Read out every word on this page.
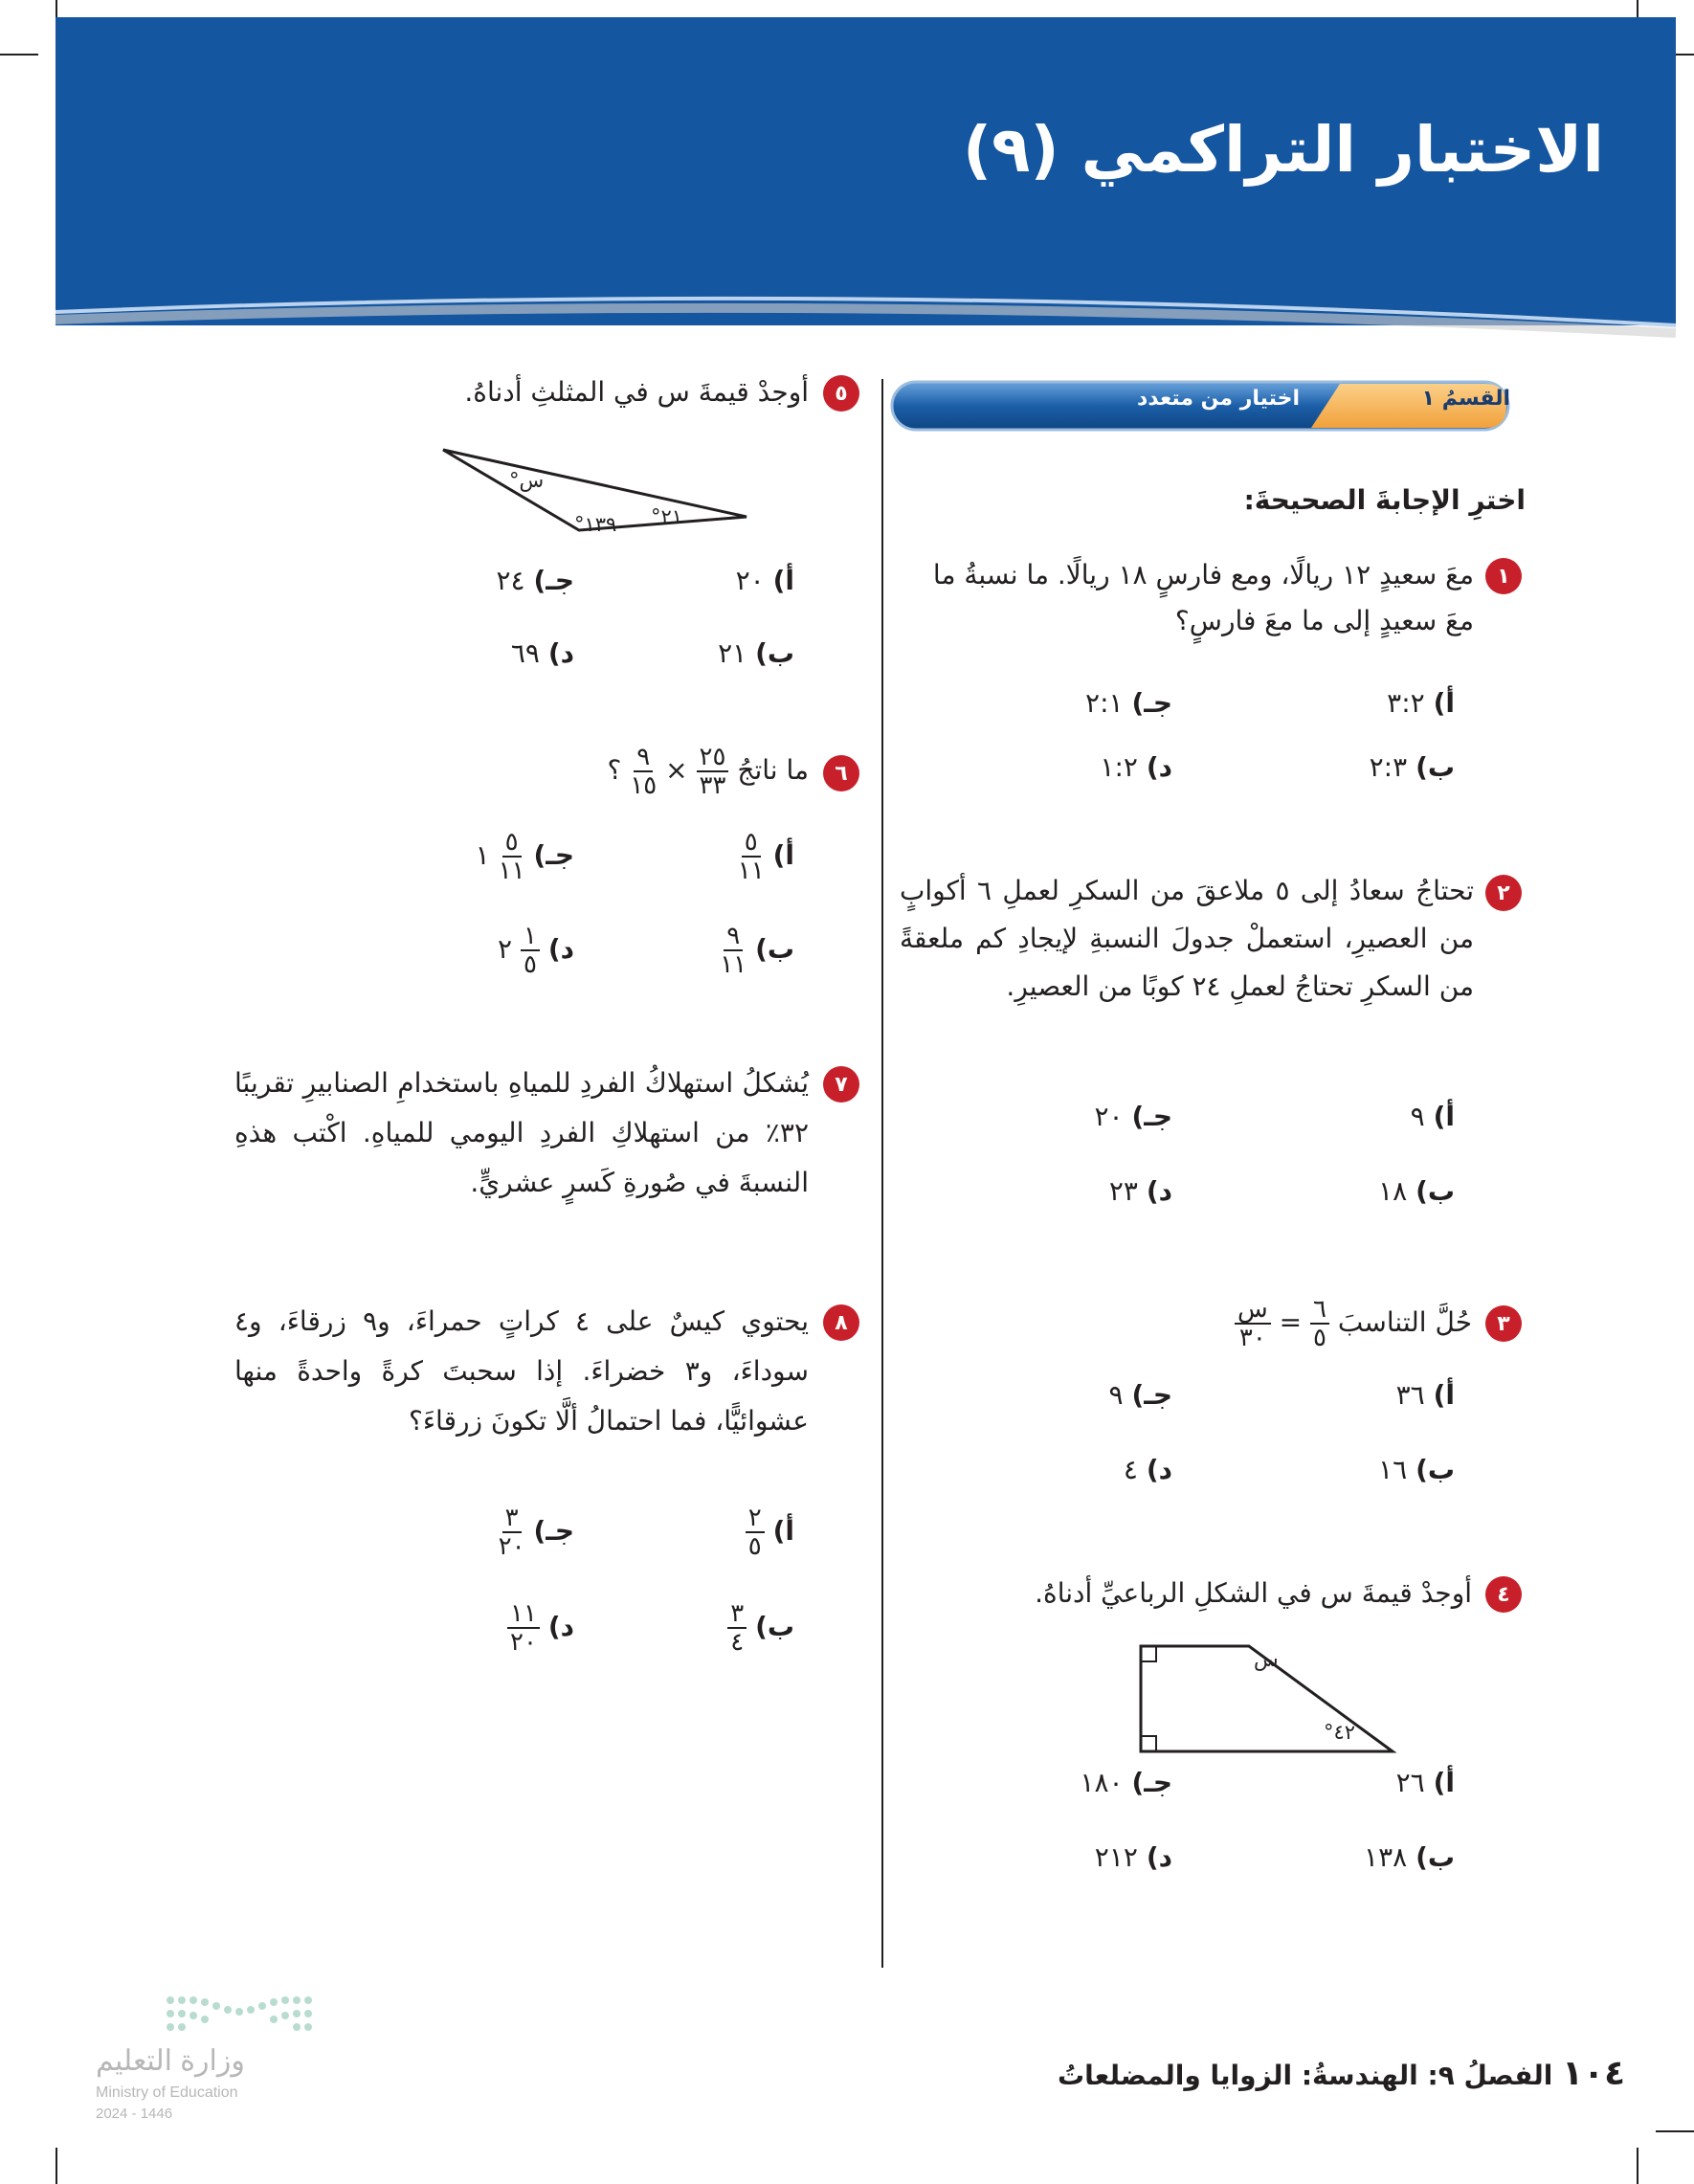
الاختبار التراكمي (٩)
القسمُ ١
اختيار من متعدد
اخترِ الإجابةَ الصحيحةَ:
١
معَ سعيدٍ ١٢ ريالًا، ومع فارسٍ ١٨ ريالًا. ما نسبةُ ما
معَ سعيدٍ إلى ما معَ فارسٍ؟
أ) ٣:٢
ب) ٢:٣
جـ) ٢:١
د) ١:٢
٢
تحتاجُ سعادُ إلى ٥ ملاعقَ من السكرِ لعملِ ٦ أكوابٍ من العصيرِ، استعملْ جدولَ النسبةِ لإيجادِ كم ملعقةً من السكرِ تحتاجُ لعملِ ٢٤ كوبًا من العصيرِ.
أ) ٩
ب) ١٨
جـ) ٢٠
د) ٢٣
٣
حُلَّ التناسبَ
$\frac{٦}{٥}$
=
$\frac{\text{س}}{٣٠}$
أ) ٣٦
ب) ١٦
جـ) ٩
د) ٤
٤
أوجدْ قيمةَ س في الشكلِ الرباعيِّ أدناهُ.
س
٤٢°
أ) ٢٦
ب) ١٣٨
جـ) ١٨٠
د) ٢١٢
٥
أوجدْ قيمةَ س في المثلثِ أدناهُ.
س°
١٣٩° ٢١°
أ) ٢٠
ب) ٢١
جـ) ٢٤
د) ٦٩
٦
ما ناتجُ
$\frac{٢٥}{٣٣}$
×
$\frac{٩}{١٥}$
؟
أ)
$\frac{٥}{١١}$
ب)
$\frac{٩}{١١}$
جـ)
$\frac{٥}{١١}$
١
د)
$\frac{١}{٥}$
٢
٧
يُشكلُ استهلاكُ الفردِ للمياهِ باستخدامِ الصنابيرِ تقريبًا ٣٢٪ من استهلاكِ الفردِ اليومي للمياهِ. اكْتب هذهِ النسبةَ في صُورةِ كَسرٍ عشريٍّ.
٨
يحتوي كيسٌ على ٤ كراتٍ حمراءَ، و٩ زرقاءَ، و٤ سوداءَ، و٣ خضراءَ. إذا سحبتَ كرةً واحدةً منها عشوائيًّا، فما احتمالُ ألَّا تكونَ زرقاءَ؟
أ)
$\frac{٢}{٥}$
ب)
$\frac{٣}{٤}$
جـ)
$\frac{٣}{٢٠}$
د)
$\frac{١١}{٢٠}$
١٠٤ الفصلُ ٩: الهندسةُ: الزوايا والمضلعاتُ
وزارة التعليم
Ministry of Education
2024 - 1446
